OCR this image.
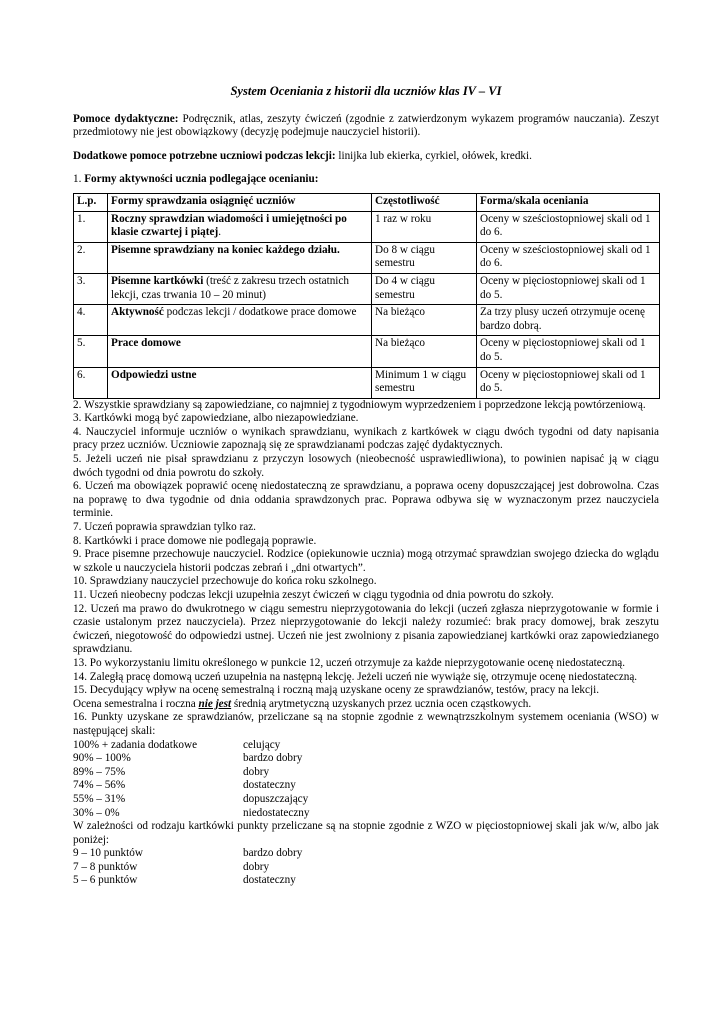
System Oceniania z historii dla uczniów klas IV – VI

Pomoce dydaktyczne: Podręcznik, atlas, zeszyty ćwiczeń (zgodnie z zatwierdzonym wykazem programów nauczania). Zeszyt przedmiotowy nie jest obowiązkowy (decyzję podejmuje nauczyciel historii).

Dodatkowe pomoce potrzebne uczniowi podczas lekcji: linijka lub ekierka, cyrkiel, ołówek, kredki.

1. Formy aktywności ucznia podlegające ocenianiu:

L.p.	Formy sprawdzania osiągnięć uczniów	Częstotliwość	Forma/skala oceniania
1.	Roczny sprawdzian wiadomości i umiejętności po klasie czwartej i piątej.	1 raz w roku	Oceny w sześciostopniowej skali od 1 do 6.
2.	Pisemne sprawdziany na koniec każdego działu.	Do 8 w ciągu semestru	Oceny w sześciostopniowej skali od 1 do 6.
3.	Pisemne kartkówki (treść z zakresu trzech ostatnich lekcji, czas trwania 10 – 20 minut)	Do 4 w ciągu semestru	Oceny w pięciostopniowej skali od 1 do 5.
4.	Aktywność podczas lekcji / dodatkowe prace domowe	Na bieżąco	Za trzy plusy uczeń otrzymuje ocenę bardzo dobrą.
5.	Prace domowe	Na bieżąco	Oceny w pięciostopniowej skali od 1 do 5.
6.	Odpowiedzi ustne	Minimum 1 w ciągu semestru	Oceny w pięciostopniowej skali od 1 do 5.

2. Wszystkie sprawdziany są zapowiedziane, co najmniej z tygodniowym wyprzedzeniem i poprzedzone lekcją powtórzeniową.

3. Kartkówki mogą być zapowiedziane, albo niezapowiedziane.

4. Nauczyciel informuje uczniów o wynikach sprawdzianu, wynikach z kartkówek w ciągu dwóch tygodni od daty napisania pracy przez uczniów. Uczniowie zapoznają się ze sprawdzianami podczas zajęć dydaktycznych.

5. Jeżeli uczeń nie pisał sprawdzianu z przyczyn losowych (nieobecność usprawiedliwiona), to powinien napisać ją w ciągu dwóch tygodni od dnia powrotu do szkoły.

6. Uczeń ma obowiązek poprawić ocenę niedostateczną ze sprawdzianu, a poprawa oceny dopuszczającej jest dobrowolna. Czas na poprawę to dwa tygodnie od dnia oddania sprawdzonych prac. Poprawa odbywa się w wyznaczonym przez nauczyciela terminie.

7. Uczeń poprawia sprawdzian tylko raz.

8. Kartkówki i prace domowe nie podlegają poprawie.

9. Prace pisemne przechowuje nauczyciel. Rodzice (opiekunowie ucznia) mogą otrzymać sprawdzian swojego dziecka do wglądu w szkole u nauczyciela historii podczas zebrań i „dni otwartych”.

10. Sprawdziany nauczyciel przechowuje do końca roku szkolnego.

11. Uczeń nieobecny podczas lekcji uzupełnia zeszyt ćwiczeń w ciągu tygodnia od dnia powrotu do szkoły.

12. Uczeń ma prawo do dwukrotnego w ciągu semestru nieprzygotowania do lekcji (uczeń zgłasza nieprzygotowanie w formie i czasie ustalonym przez nauczyciela). Przez nieprzygotowanie do lekcji należy rozumieć: brak pracy domowej, brak zeszytu ćwiczeń, niegotowość do odpowiedzi ustnej. Uczeń nie jest zwolniony z pisania zapowiedzianej kartkówki oraz zapowiedzianego sprawdzianu.

13. Po wykorzystaniu limitu określonego w punkcie 12, uczeń otrzymuje za każde nieprzygotowanie ocenę niedostateczną.

14. Zaległą pracę domową uczeń uzupełnia na następną lekcję. Jeżeli uczeń nie wywiąże się, otrzymuje ocenę niedostateczną.

15. Decydujący wpływ na ocenę semestralną i roczną mają uzyskane oceny ze sprawdzianów, testów, pracy na lekcji.

Ocena semestralna i roczna nie jest średnią arytmetyczną uzyskanych przez ucznia ocen cząstkowych.

16. Punkty uzyskane ze sprawdzianów, przeliczane są na stopnie zgodnie z wewnątrzszkolnym systemem oceniania (WSO) w następującej skali:

100% + zadania dodatkowe	celujący
90% – 100%	bardzo dobry
89% – 75%	dobry
74% – 56%	dostateczny
55% – 31%	dopuszczający
30% – 0%	niedostateczny

W zależności od rodzaju kartkówki punkty przeliczane są na stopnie zgodnie z WZO w pięciostopniowej skali jak w/w, albo jak poniżej:

9 – 10 punktów	bardzo dobry
7 – 8 punktów	dobry
5 – 6 punktów	dostateczny
